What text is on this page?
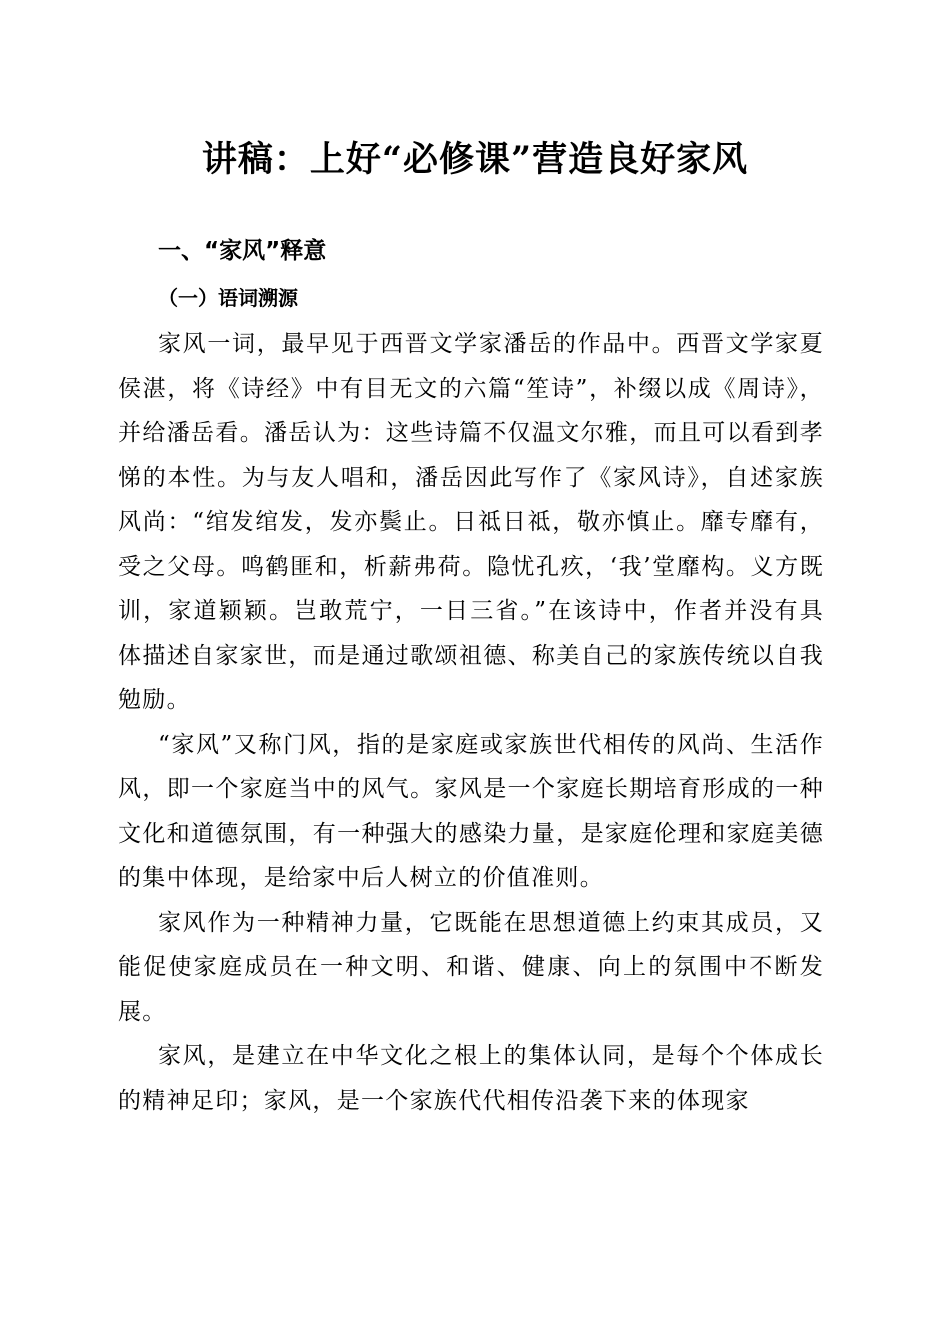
讲稿：上好“必修课”营造良好家风
一、“家风”释意
（一）语词溯源

家风一词，最早见于西晋文学家潘岳的作品中。西晋文学家夏侯湛，将《诗经》中有目无文的六篇“笙诗”，补缀以成《周诗》，并给潘岳看。潘岳认为：这些诗篇不仅温文尔雅，而且可以看到孝悌的本性。为与友人唱和，潘岳因此写作了《家风诗》，自述家族风尚：“绾发绾发，发亦鬓止。日祗日祗，敬亦慎止。靡专靡有，受之父母。鸣鹤匪和，析薪弗荷。隐忧孔疚，‘我’堂靡构。义方既训，家道颖颖。岂敢荒宁，一日三省。”在该诗中，作者并没有具体描述自家家世，而是通过歌颂祖德、称美自己的家族传统以自我勉励。

“家风”又称门风，指的是家庭或家族世代相传的风尚、生活作风，即一个家庭当中的风气。家风是一个家庭长期培育形成的一种文化和道德氛围，有一种强大的感染力量，是家庭伦理和家庭美德的集中体现，是给家中后人树立的价值准则。

家风作为一种精神力量，它既能在思想道德上约束其成员，又能促使家庭成员在一种文明、和谐、健康、向上的氛围中不断发展。

家风，是建立在中华文化之根上的集体认同，是每个个体成长的精神足印；家风，是一个家族代代相传沿袭下来的体现家
